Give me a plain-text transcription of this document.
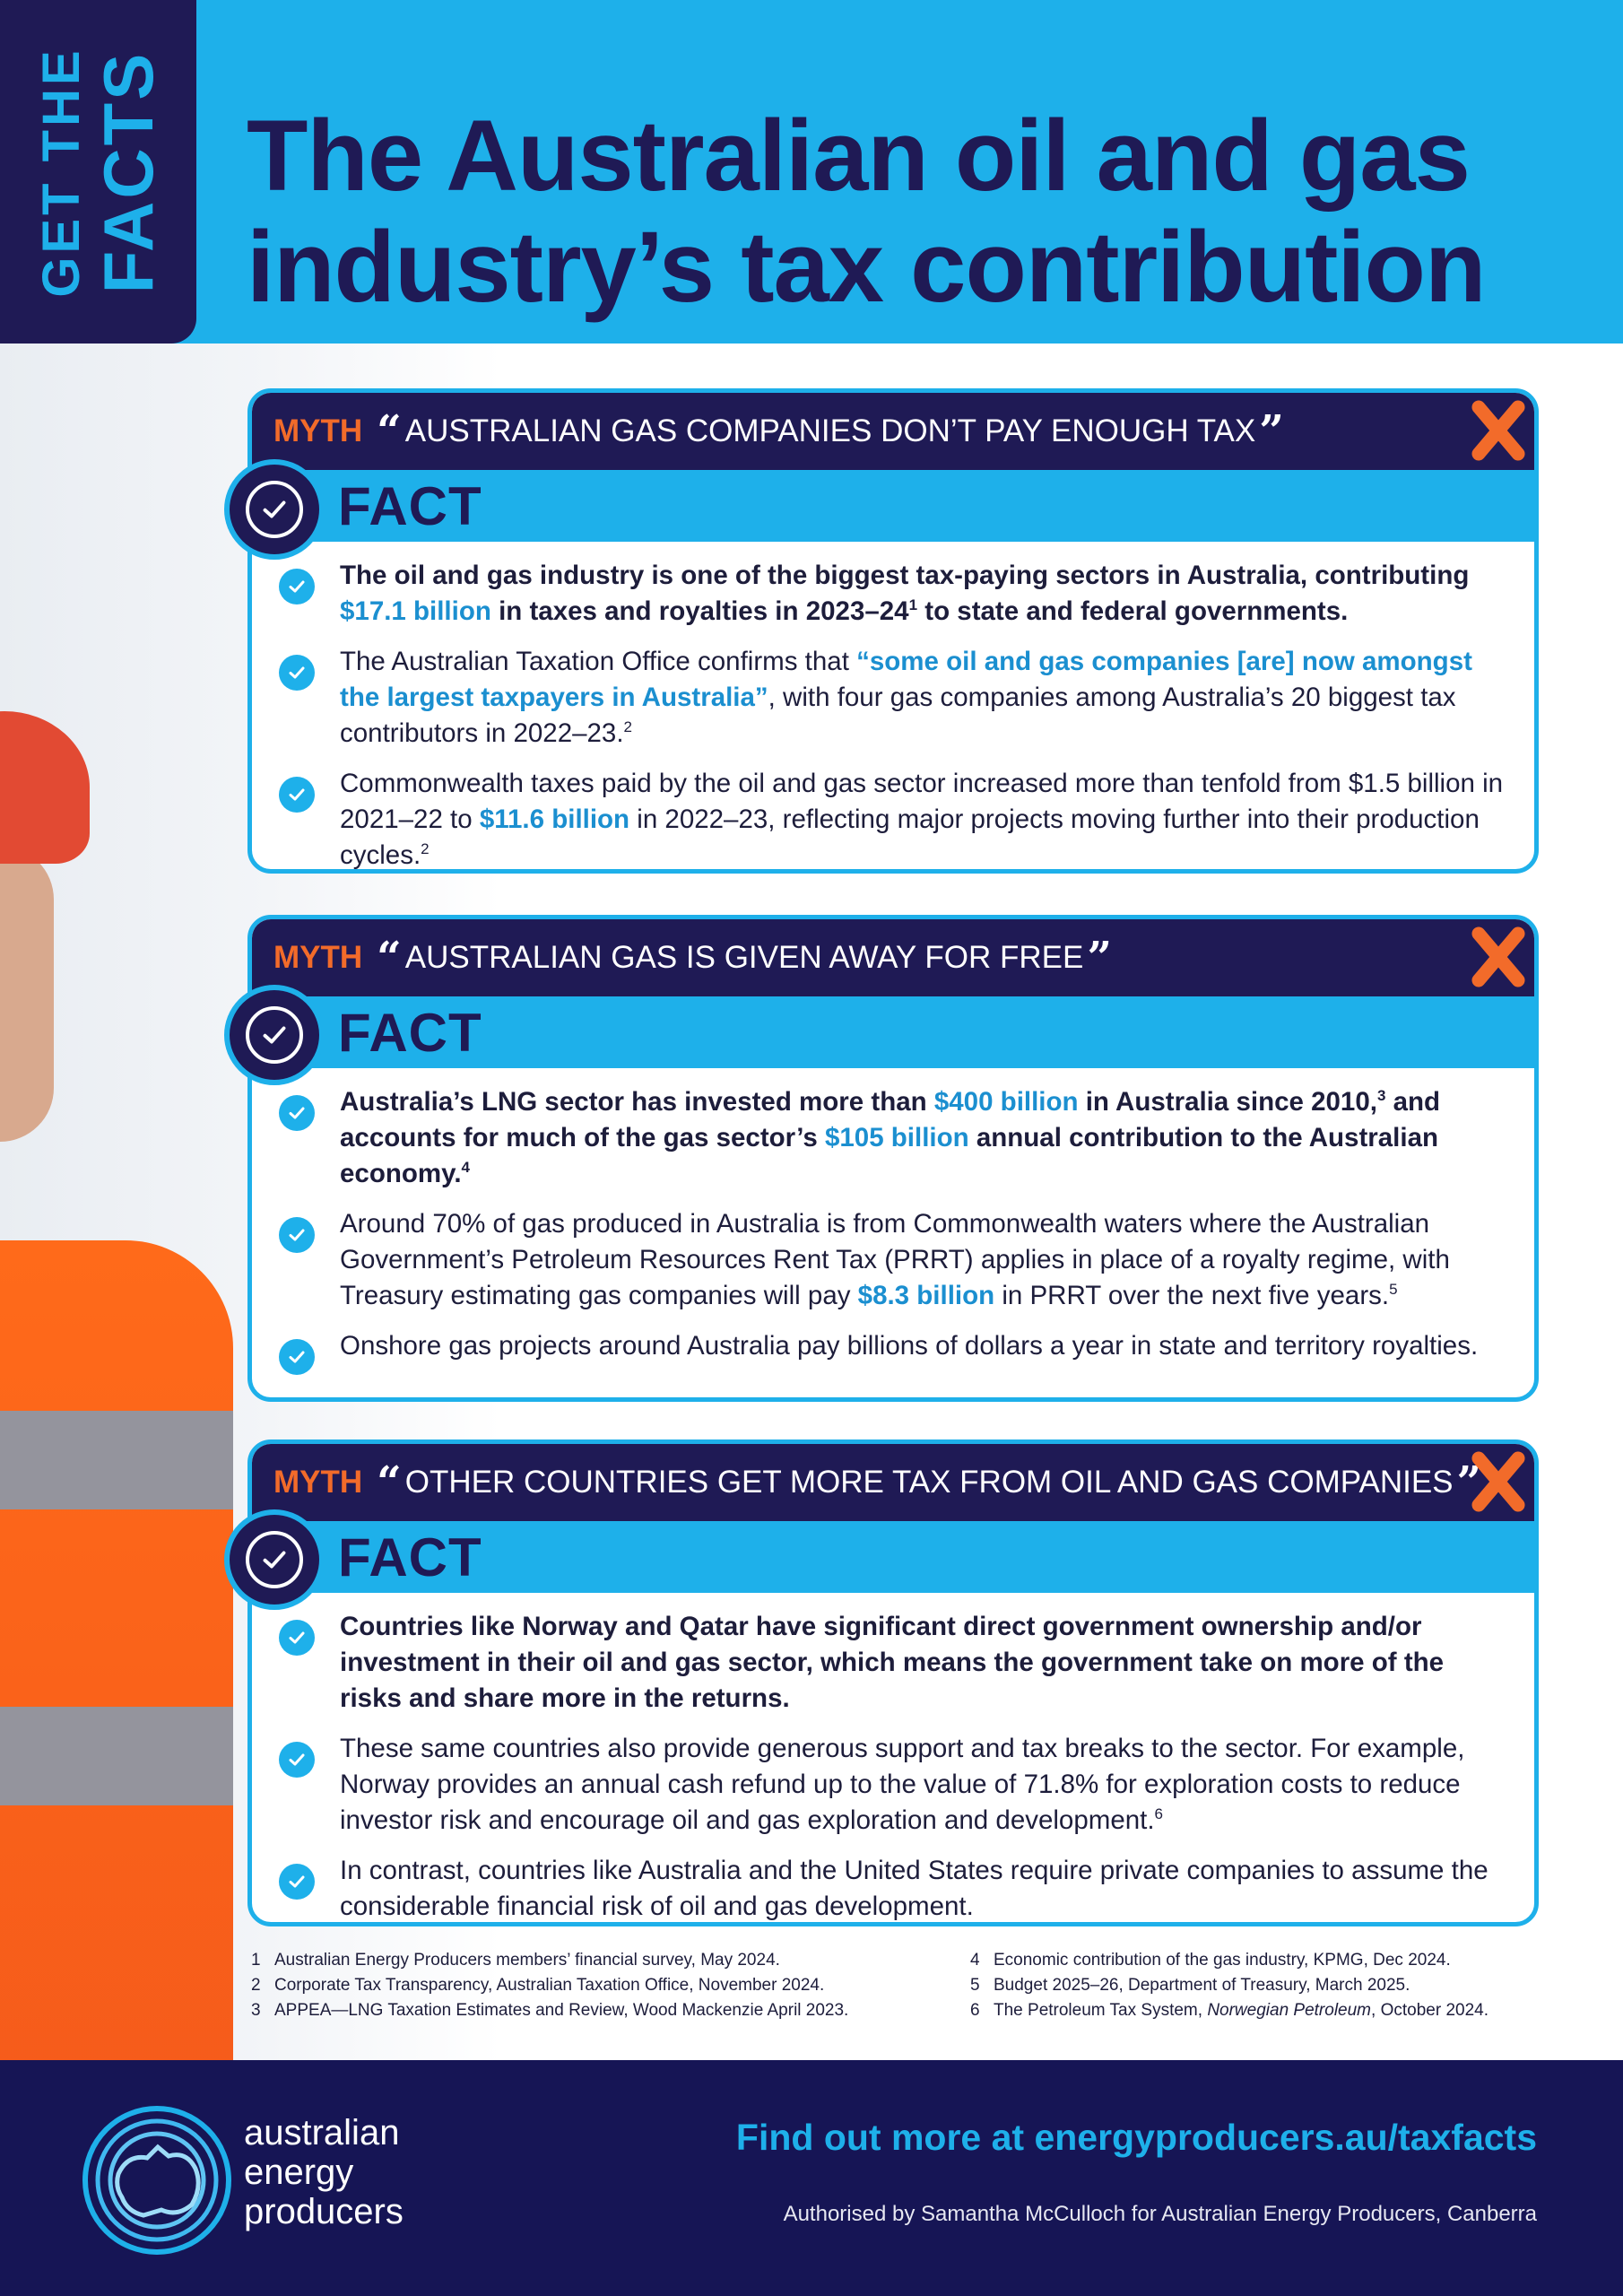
GET THE
FACTS The Australian oil and gas
industry’s tax contribution
MYTH “ AUSTRALIAN GAS COMPANIES DON’T PAY ENOUGH TAX ”
FACT
The oil and gas industry is one of the biggest tax-paying sectors in Australia, contributing $17.1 billion in taxes and royalties in $2023-24^1$ to state and federal governments.
The Australian Taxation Office confirms that “some oil and gas companies [are] now amongst the largest taxpayers in Australia”, with four gas companies among Australia’s 20 biggest tax contributors in 2022–23.$^2$
Commonwealth taxes paid by the oil and gas sector increased more than tenfold from $1.5 billion in 2021–22 to $11.6 billion in 2022–23, reflecting major projects moving further into their production cycles.$^2$
MYTH “ AUSTRALIAN GAS IS GIVEN AWAY FOR FREE ”
FACT
Australia’s LNG sector has invested more than $400 billion in Australia since 2010,$^3$ and accounts for much of the gas sector’s $105 billion annual contribution to the Australian economy.$^4$
Around 70% of gas produced in Australia is from Commonwealth waters where the Australian Government’s Petroleum Resources Rent Tax (PRRT) applies in place of a royalty regime, with Treasury estimating gas companies will pay $8.3 billion in PRRT over the next five years.$^5$
Onshore gas projects around Australia pay billions of dollars a year in state and territory royalties.
MYTH “ OTHER COUNTRIES GET MORE TAX FROM OIL AND GAS COMPANIES ”
FACT
Countries like Norway and Qatar have significant direct government ownership and/or investment in their oil and gas sector, which means the government take on more of the risks and share more in the returns.
These same countries also provide generous support and tax breaks to the sector. For example, Norway provides an annual cash refund up to the value of 71.8% for exploration costs to reduce investor risk and encourage oil and gas exploration and development.$^6$
In contrast, countries like Australia and the United States require private companies to assume the considerable financial risk of oil and gas development.
1 Australian Energy Producers members’ financial survey, May 2024.
2 Corporate Tax Transparency, Australian Taxation Office, November 2024.
3 APPEA—LNG Taxation Estimates and Review, Wood Mackenzie April 2023.
4 Economic contribution of the gas industry, KPMG, Dec 2024.
5 Budget 2025–26, Department of Treasury, March 2025.
6 The Petroleum Tax System, Norwegian Petroleum, October 2024.
australian
energy
producers
Find out more at energyproducers.au/taxfacts
Authorised by Samantha McCulloch for Australian Energy Producers, Canberra
